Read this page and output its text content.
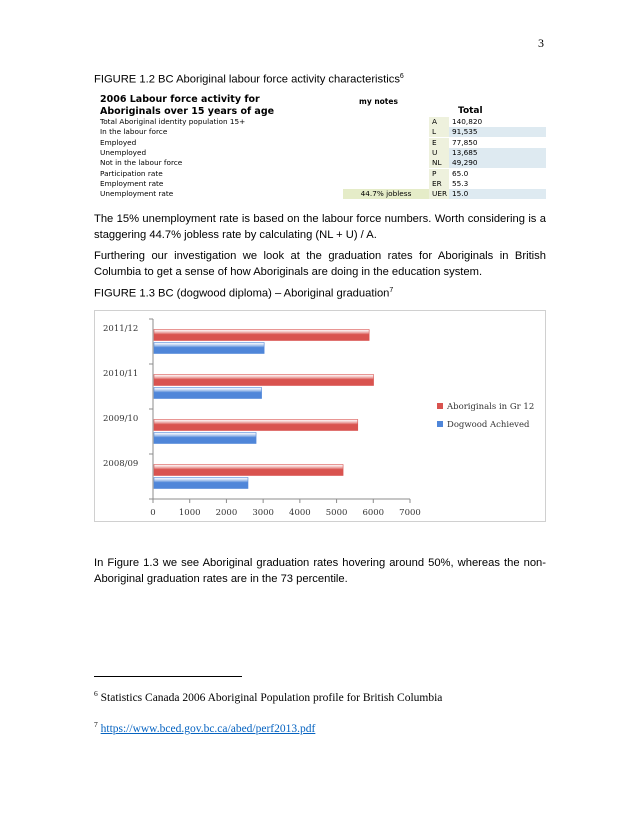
3
FIGURE 1.2 BC Aboriginal labour force activity characteristics$^6$
2006 Labour force activity for
Aboriginals over 15 years of age
my notes
Total
Total Aboriginal identity population 15+	A	140,820
In the labour force	L	91,535
Employed	E	77,850
Unemployed	U	13,685
Not in the labour force	NL	49,290
Participation rate	P	65.0
Employment rate	ER	55.3
Unemployment rate	44.7% jobless	UER 15.0
The 15% unemployment rate is based on the labour force numbers. Worth considering is a staggering 44.7% jobless rate by calculating (NL + U) / A.
Furthering our investigation we look at the graduation rates for Aboriginals in British Columbia to get a sense of how Aboriginals are doing in the education system.
FIGURE 1.3 BC (dogwood diploma) – Aboriginal graduation$^7$
0	1000 2000 3000 4000 5000 6000 7000
2008/09
2009/10
2010/11
2011/12
Aboriginals in Gr 12
Dogwood Achieved
In Figure 1.3 we see Aboriginal graduation rates hovering around 50%, whereas the non-Aboriginal graduation rates are in the 73 percentile.
$^6$ Statistics Canada 2006 Aboriginal Population profile for British Columbia
$^7$ https://www.bced.gov.bc.ca/abed/perf2013.pdf
